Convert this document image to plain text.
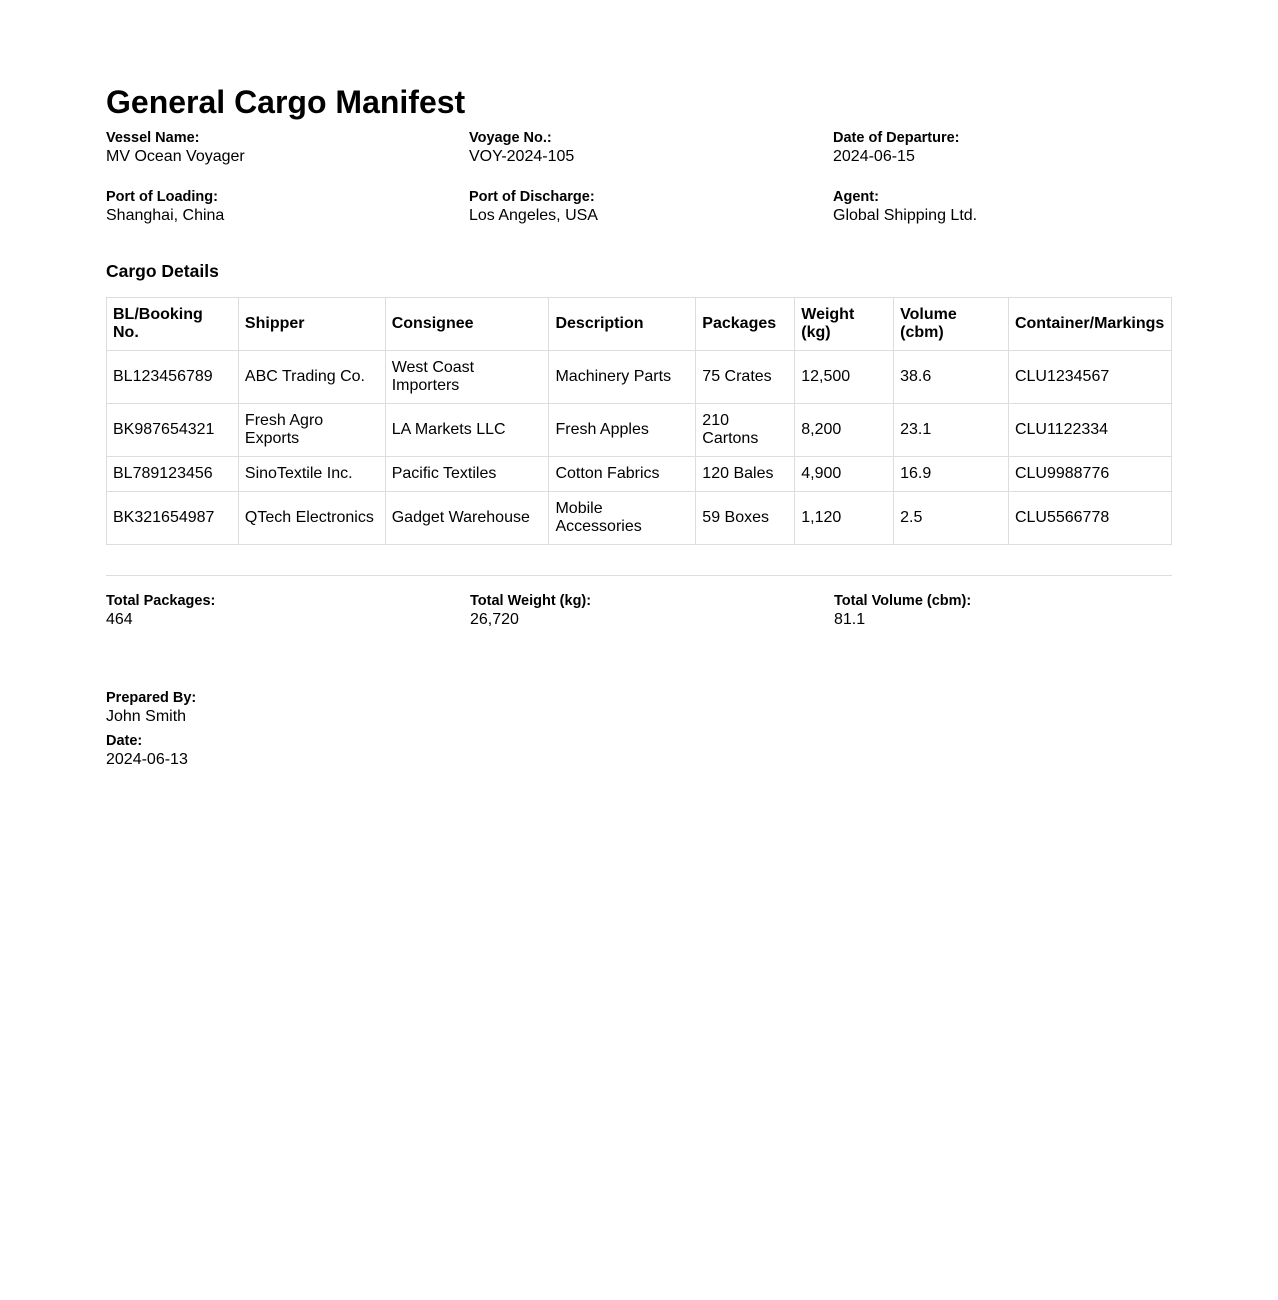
General Cargo Manifest
Vessel Name:
MV Ocean Voyager
Voyage No.:
VOY-2024-105
Date of Departure:
2024-06-15
Port of Loading:
Shanghai, China
Port of Discharge:
Los Angeles, USA
Agent:
Global Shipping Ltd.
Cargo Details
BL/Booking No.	Shipper	Consignee	Description	Packages	Weight (kg)	Volume (cbm)	Container/Markings
BL123456789	ABC Trading Co.	West Coast Importers	Machinery Parts	75 Crates	12,500	38.6	CLU1234567
BK987654321	Fresh Agro Exports	LA Markets LLC	Fresh Apples	210 Cartons	8,200	23.1	CLU1122334
BL789123456	SinoTextile Inc.	Pacific Textiles	Cotton Fabrics	120 Bales	4,900	16.9	CLU9988776
BK321654987	QTech Electronics	Gadget Warehouse	Mobile Accessories	59 Boxes	1,120	2.5	CLU5566778
Total Packages:
464
Total Weight (kg):
26,720
Total Volume (cbm):
81.1
Prepared By:
John Smith
Date:
2024-06-13
